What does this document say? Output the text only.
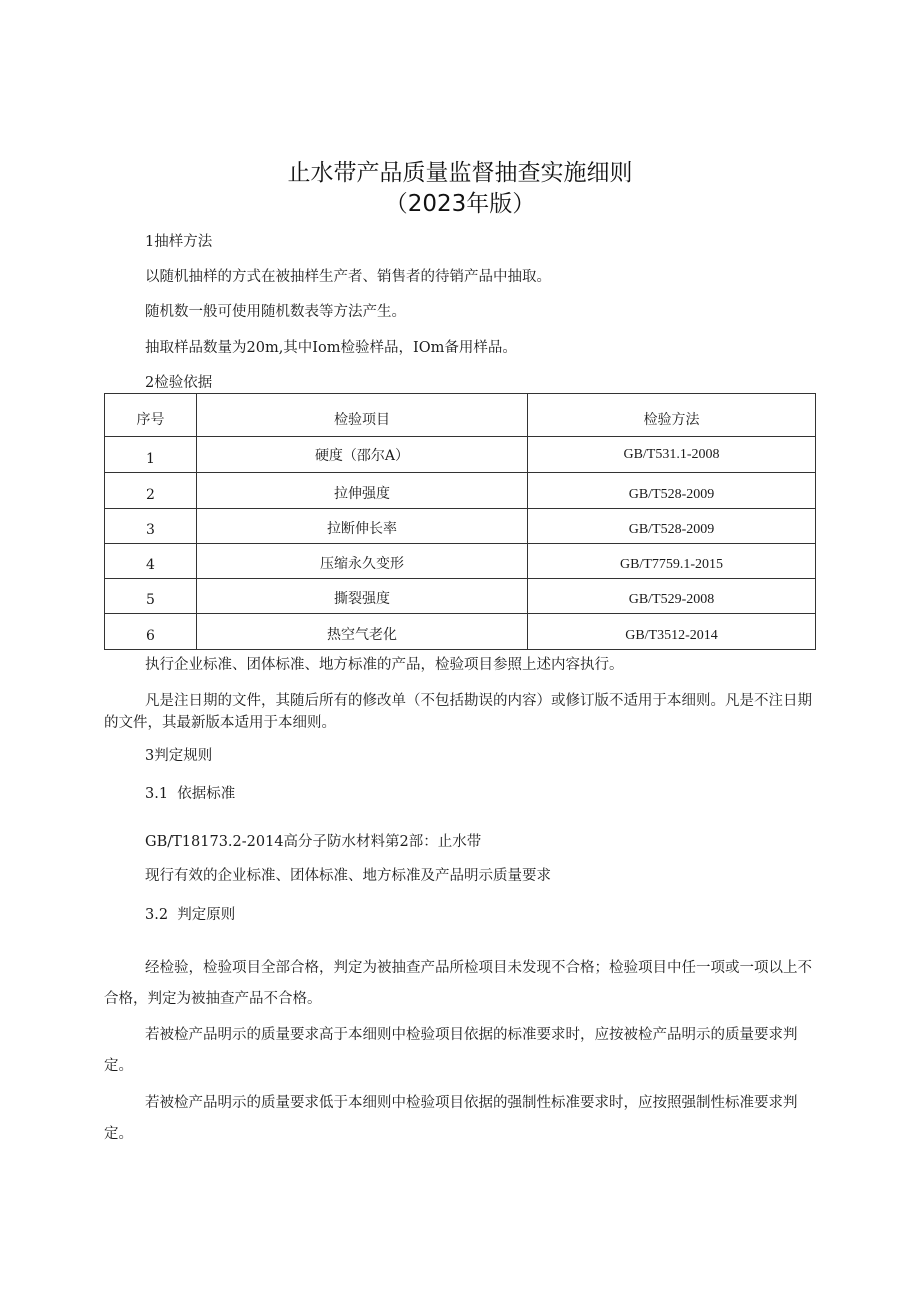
止水带产品质量监督抽查实施细则
（2023年版）
1抽样方法
以随机抽样的方式在被抽样生产者、销售者的待销产品中抽取。
随机数一般可使用随机数表等方法产生。
抽取样品数量为20m,其中Iom检验样品，IOm备用样品。
2检验依据
序号	检验项目	检验方法
1	硬度（邵尔A）	GB/T531.1-2008
2	拉伸强度	GB/T528-2009
3	拉断伸长率	GB/T528-2009
4	压缩永久变形	GB/T7759.1-2015
5	撕裂强度	GB/T529-2008
6	热空气老化	GB/T3512-2014
执行企业标准、团体标准、地方标准的产品，检验项目参照上述内容执行。
凡是注日期的文件，其随后所有的修改单（不包括勘误的内容）或修订版不适用于本细则。凡是不注日期的文件，其最新版本适用于本细则。
3判定规则
3.1  依据标准
GB/T18173.2-2014高分子防水材料第2部：止水带
现行有效的企业标准、团体标准、地方标准及产品明示质量要求
3.2  判定原则
经检验，检验项目全部合格，判定为被抽查产品所检项目未发现不合格；检验项目中任一项或一项以上不合格，判定为被抽查产品不合格。
若被检产品明示的质量要求高于本细则中检验项目依据的标准要求时，应按被检产品明示的质量要求判定。
若被检产品明示的质量要求低于本细则中检验项目依据的强制性标准要求时，应按照强制性标准要求判定。
